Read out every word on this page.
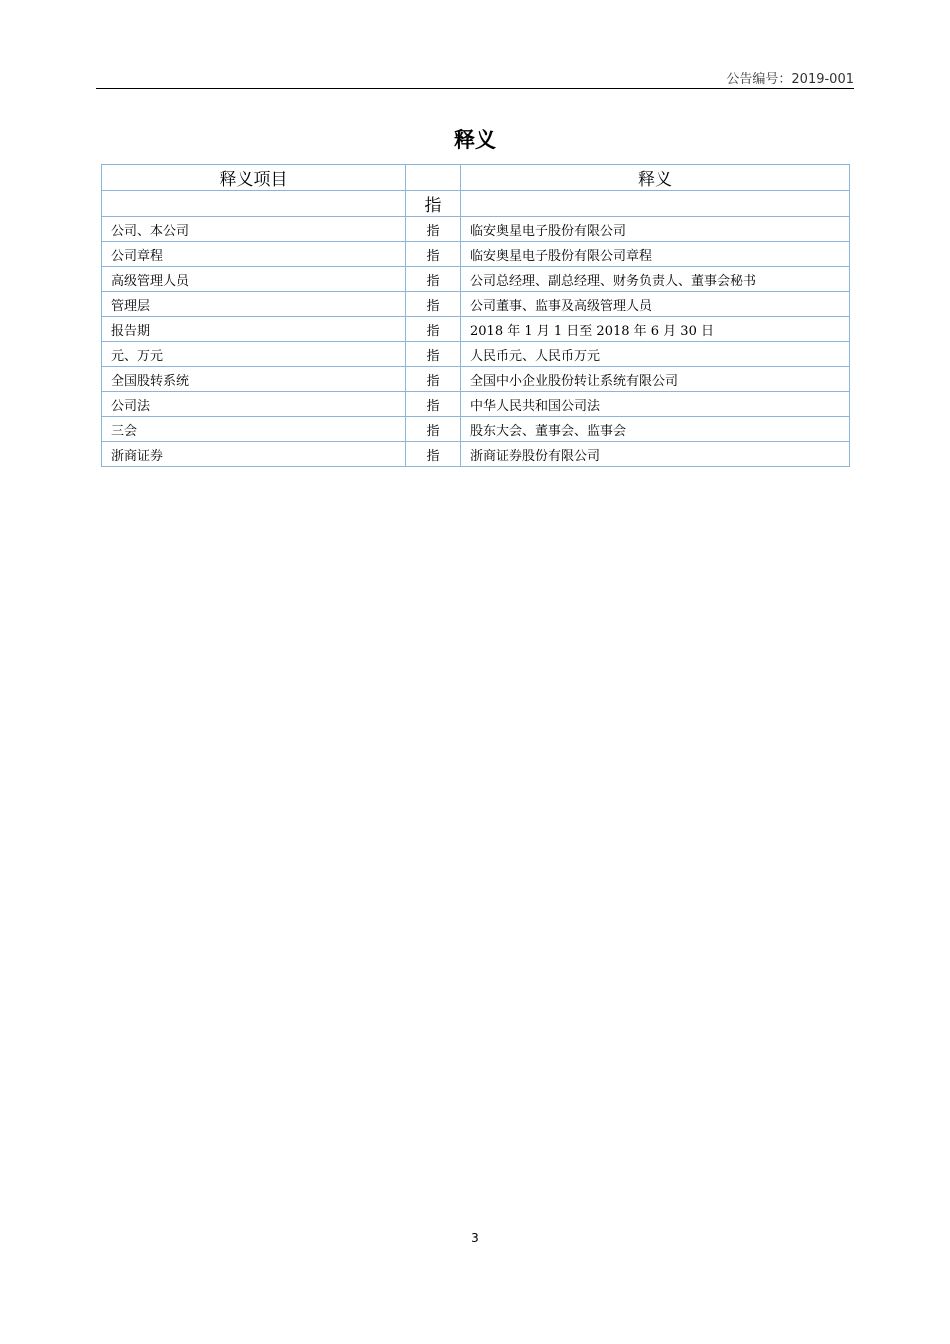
公告编号：2019-001
释义
释义项目		释义
	指	
公司、本公司	指	临安奥星电子股份有限公司
公司章程	指	临安奥星电子股份有限公司章程
高级管理人员	指	公司总经理、副总经理、财务负责人、董事会秘书
管理层	指	公司董事、监事及高级管理人员
报告期	指	2018 年 1 月 1 日至 2018 年 6 月 30 日
元、万元	指	人民币元、人民币万元
全国股转系统	指	全国中小企业股份转让系统有限公司
公司法	指	中华人民共和国公司法
三会	指	股东大会、董事会、监事会
浙商证券	指	浙商证券股份有限公司
3
